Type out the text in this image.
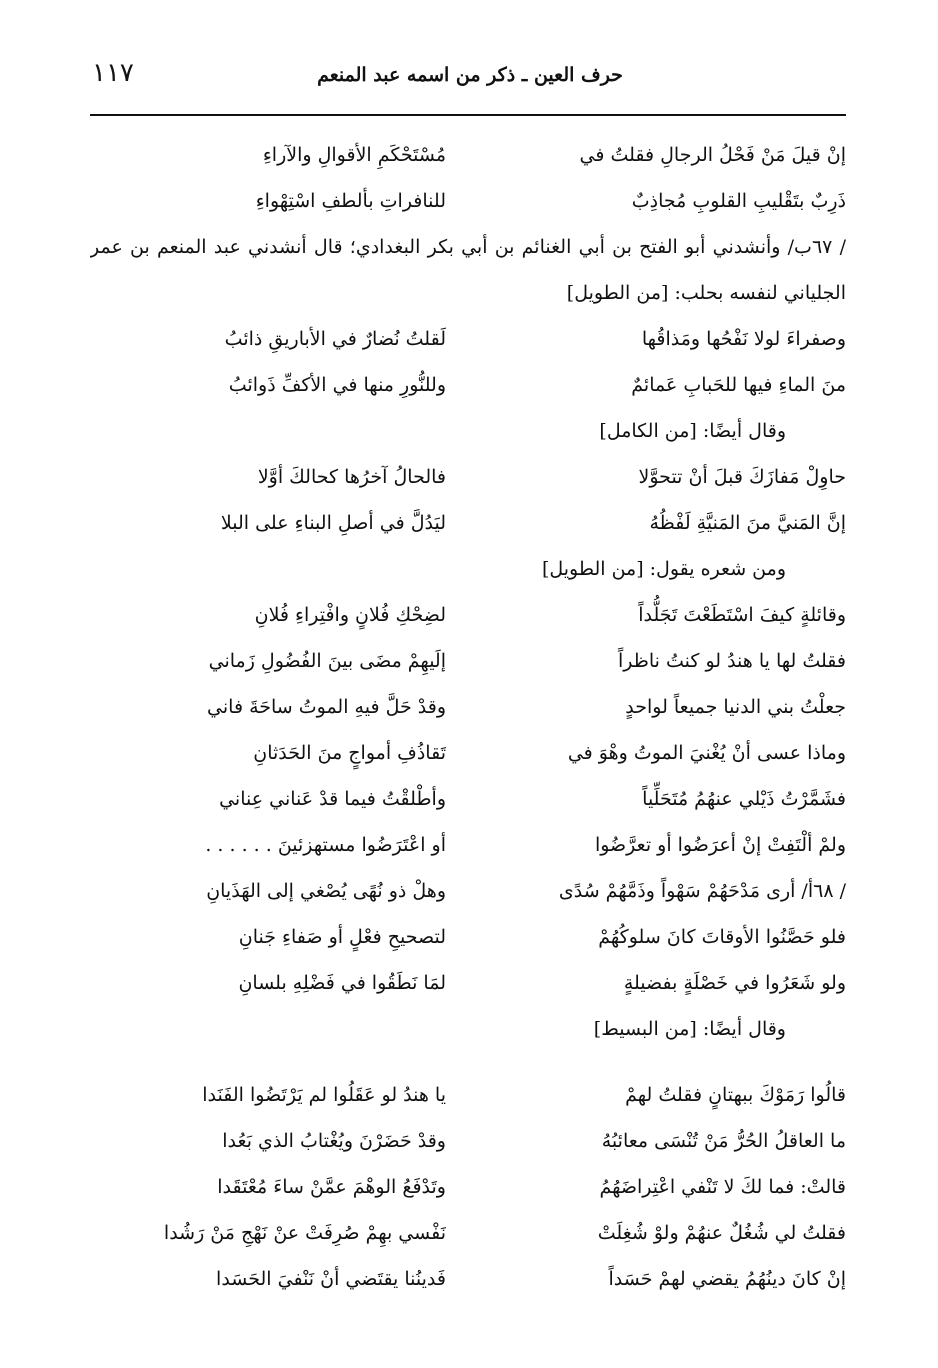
١١٧	حرف العين ـ ذكر من اسمه عبد المنعم
إنْ قيلَ مَنْ فَحْلُ الرجالِ فقلتُ في
مُسْتَحْكَمِ الأقوالِ والآراءِ
ذَرِبٌ بتَقْليبِ القلوبِ مُجاذِبٌ
للنافراتِ بألطفِ اسْتِهْواءِ
/ ٦٧ب/ وأنشدني أبو الفتح بن أبي الغنائم بن أبي بكر البغدادي؛ قال أنشدني عبد المنعم بن عمر الجلياني لنفسه بحلب: [من الطويل]
وصفراءَ لولا نَفْحُها ومَذاقُها
لَقلتُ نُضارٌ في الأباريقِ ذائبُ
منَ الماءِ فيها للحَبابِ عَمائمٌ
وللنُّورِ منها في الأكفِّ ذَوائبُ
وقال أيضًا: [من الكامل]
حاوِلْ مَفازَكَ قبلَ أنْ تتحوَّلا
فالحالُ آخرُها كحالكَ أوَّلا
إنَّ المَنيَّ منَ المَنيَّةِ لَفْظُهُ
ليَدُلَّ في أصلِ البناءِ على البلا
ومن شعره يقول: [من الطويل]
وقائلةٍ كيفَ اسْتَطَعْتَ تَجَلُّداً
لضِحْكِ فُلانٍ وافْتِراءِ فُلانِ
فقلتُ لها يا هندُ لو كنتُ ناظراً
إلَيهِمْ مضَى بينَ الفُضُولِ زَماني
جعلْتُ بني الدنيا جميعاً لواحدٍ
وقدْ حَلَّ فيهِ الموتُ ساحَةَ فاني
وماذا عسى أنْ يُغْنيَ الموتُ وهْوَ في
تَقاذُفِ أمواجٍ منَ الحَدَثانِ
فشَمَّرْتُ ذَيْلي عنهُمُ مُتَحَلِّياً
وأطْلقْتُ فيما قدْ عَناني عِناني
ولمْ ألْتَفِتْ إنْ أعرَضُوا أو تعرَّضُوا
أو اعْتَرَضُوا مستهزئينَ . . . . . .
/ ٦٨أ/ أرى مَدْحَهُمْ سَهْواً وذَمَّهُمْ سُدًى
وهلْ ذو نُهًى يُصْغي إلى الهَذَيانِ
فلو حَصَّنُوا الأوقاتَ كانَ سلوكُهُمْ
لتصحيحِ فعْلٍ أو صَفاءِ جَنانِ
ولو شَعَرُوا في خَصْلَةٍ بفضيلةٍ
لمَا نَطَقُوا في فَضْلِهِ بلسانِ
وقال أيضًا: [من البسيط]
قالُوا رَمَوْكَ ببهتانٍ فقلتُ لهمْ
يا هندُ لو عَقَلُوا لم يَرْتَضُوا الفَنَدا
ما العاقلُ الحُرُّ مَنْ تُنْسَى معائبُهُ
وقدْ حَضَرْنَ ويُغْتابُ الذي بَعُدا
قالتْ: فما لكَ لا تَنْفي اعْتِراضَهُمُ
وتَدْفَعُ الوهْمَ عمَّنْ ساءَ مُعْتَقَدا
فقلتُ لي شُغُلٌ عنهُمْ ولوْ شُغِلَتْ
نَفْسي بهِمْ صُرِفَتْ عنْ نَهْجِ مَنْ رَشُدا
إنْ كانَ دينُهُمُ يقضي لهمْ حَسَداً
فَدينُنا يقتَضي أنْ نَنْفيَ الحَسَدا
